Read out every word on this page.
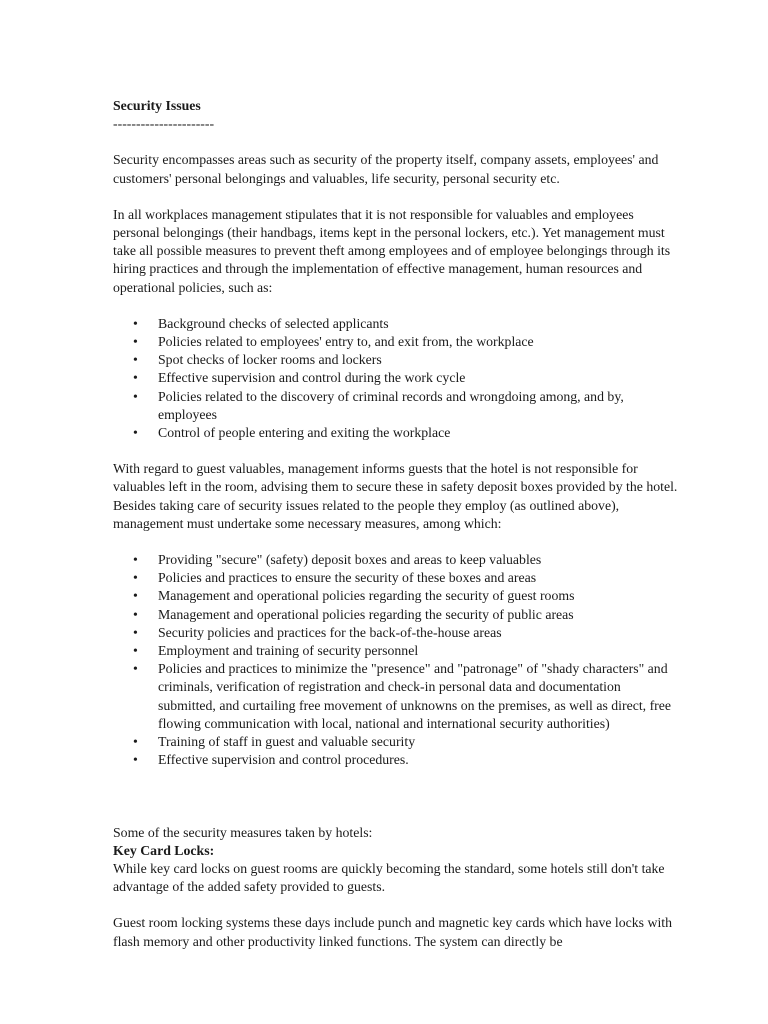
Security Issues

----------------------

Security encompasses areas such as security of the property itself, company assets, employees' and customers' personal belongings and valuables, life security, personal security etc.

In all workplaces management stipulates that it is not responsible for valuables and employees personal belongings (their handbags, items kept in the personal lockers, etc.). Yet management must take all possible measures to prevent theft among employees and of employee belongings through its hiring practices and through the implementation of effective management, human resources and operational policies, such as:

• Background checks of selected applicants
• Policies related to employees' entry to, and exit from, the workplace
• Spot checks of locker rooms and lockers
• Effective supervision and control during the work cycle
• Policies related to the discovery of criminal records and wrongdoing among, and by, employees
• Control of people entering and exiting the workplace

With regard to guest valuables, management informs guests that the hotel is not responsible for valuables left in the room, advising them to secure these in safety deposit boxes provided by the hotel. Besides taking care of security issues related to the people they employ (as outlined above), management must undertake some necessary measures, among which:

• Providing "secure" (safety) deposit boxes and areas to keep valuables
• Policies and practices to ensure the security of these boxes and areas
• Management and operational policies regarding the security of guest rooms
• Management and operational policies regarding the security of public areas
• Security policies and practices for the back-of-the-house areas
• Employment and training of security personnel
• Policies and practices to minimize the "presence" and "patronage" of "shady characters" and criminals, verification of registration and check-in personal data and documentation submitted, and curtailing free movement of unknowns on the premises, as well as direct, free flowing communication with local, national and international security authorities)
• Training of staff in guest and valuable security
• Effective supervision and control procedures.

Some of the security measures taken by hotels:

Key Card Locks:

While key card locks on guest rooms are quickly becoming the standard, some hotels still don't take advantage of the added safety provided to guests.

Guest room locking systems these days include punch and magnetic key cards which have locks with flash memory and other productivity linked functions. The system can directly be
